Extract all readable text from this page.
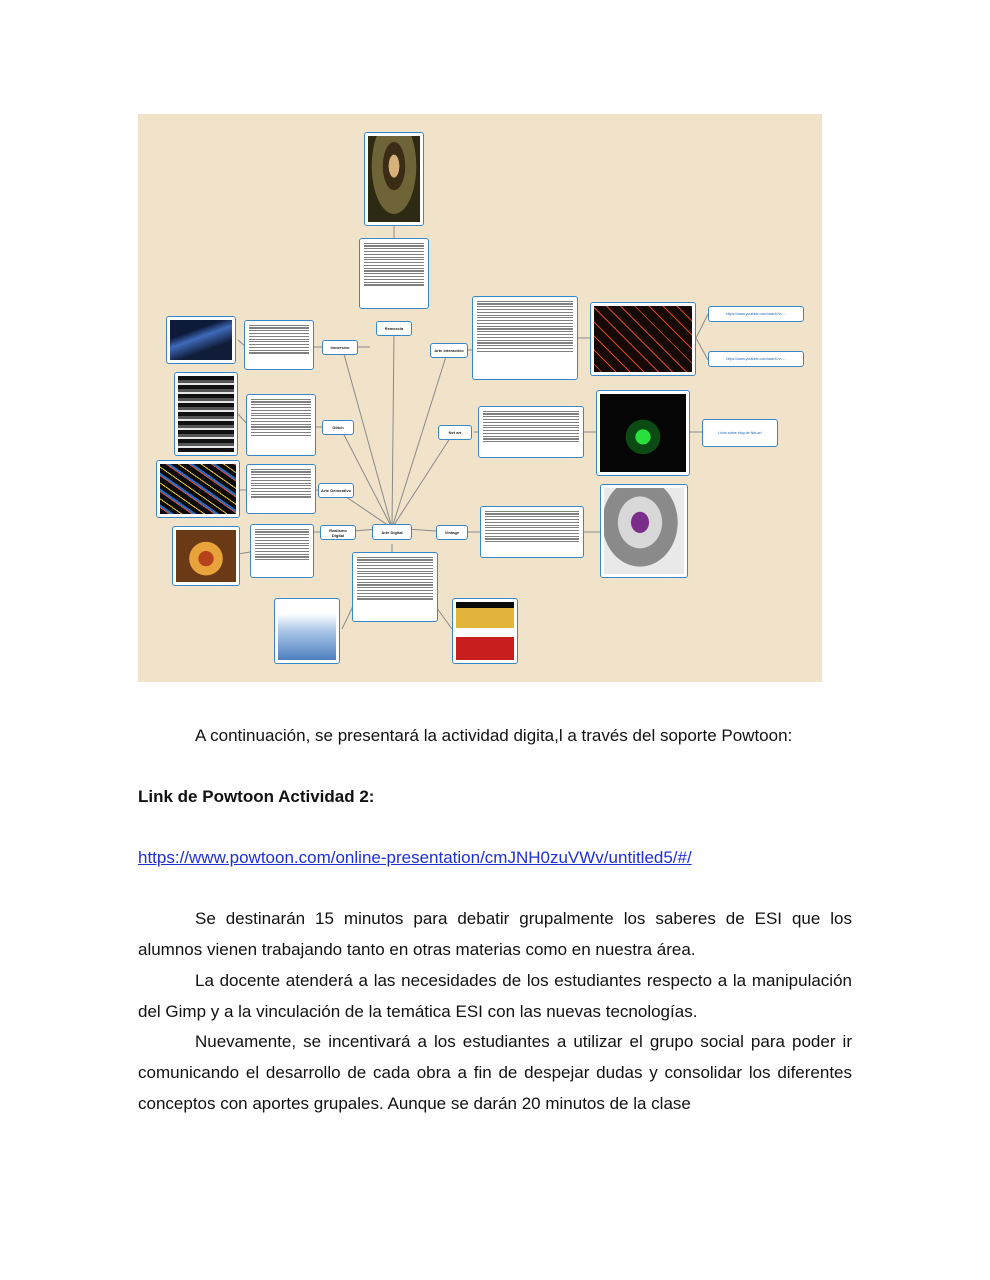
Remezcla
Inmersivo
Arte interactivo
Glitch
Net art
Arte Generativo
Realismo Digital	Vintage
Arte Digital
https://www.youtube.com/watch?v=...
https://www.youtube.com/watch?v=...
Links sobre blog de Net-art

A continuación, se presentará la actividad digita,l a través del soporte Powtoon:

Link de Powtoon Actividad 2:

https://www.powtoon.com/online-presentation/cmJNH0zuVWv/untitled5/#/

Se destinarán 15 minutos para debatir grupalmente los saberes de ESI que los alumnos vienen trabajando tanto en otras materias como en nuestra área.

La docente atenderá a las necesidades de los estudiantes respecto a la manipulación del Gimp y a la vinculación de la temática ESI con las nuevas tecnologías.

Nuevamente, se incentivará a los estudiantes a utilizar el grupo social para poder ir comunicando el desarrollo de cada obra a fin de despejar dudas y consolidar los diferentes conceptos con aportes grupales. Aunque se darán 20 minutos de la clase
